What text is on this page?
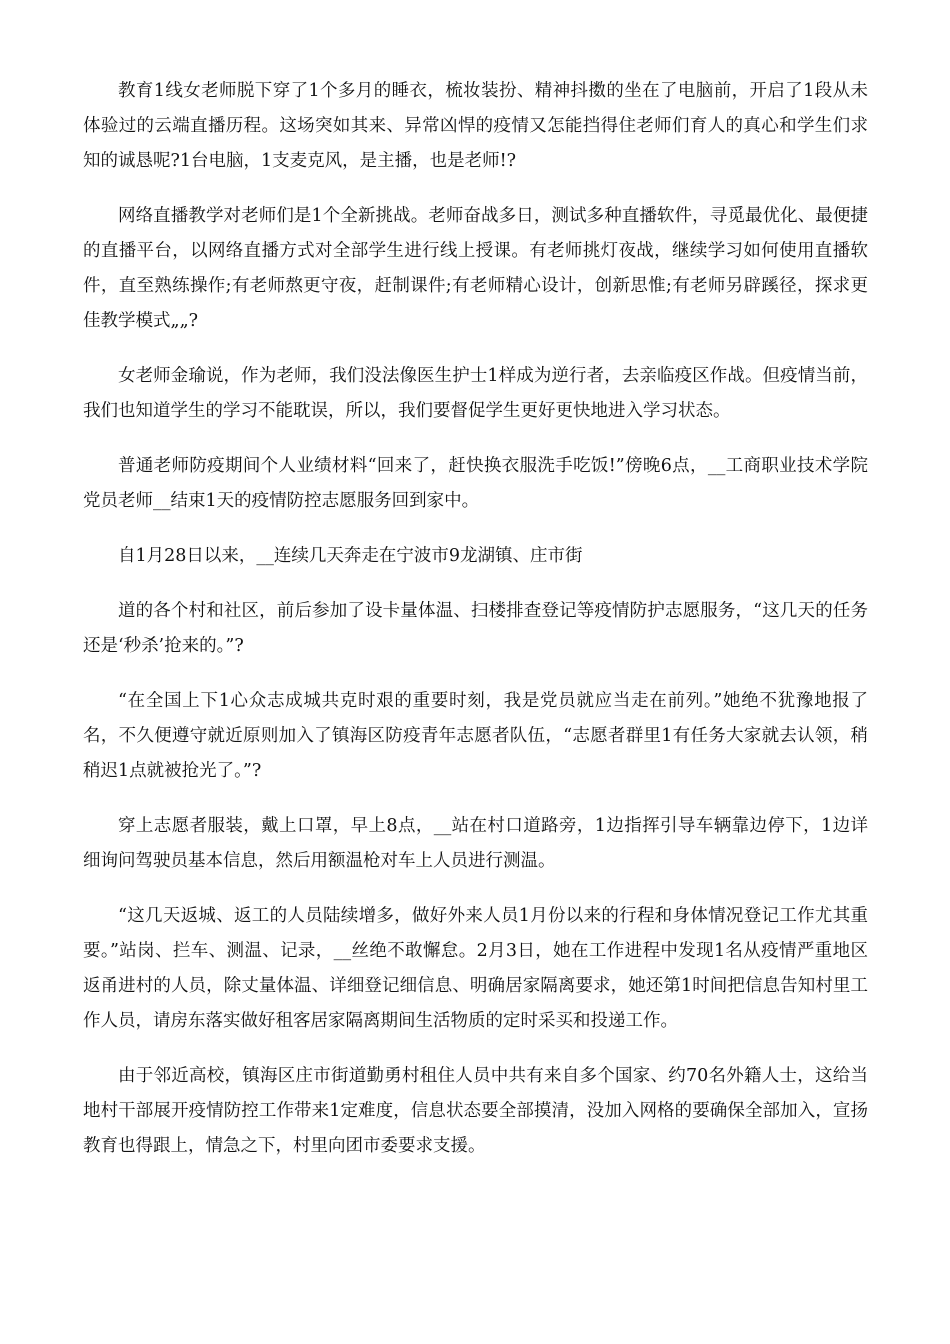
教育1线女老师脱下穿了1个多月的睡衣，梳妆装扮、精神抖擞的坐在了电脑前，开启了1段从未体验过的云端直播历程。这场突如其来、异常凶悍的疫情又怎能挡得住老师们育人的真心和学生们求知的诚恳呢?1台电脑，1支麦克风，是主播，也是老师!?

网络直播教学对老师们是1个全新挑战。老师奋战多日，测试多种直播软件，寻觅最优化、最便捷的直播平台，以网络直播方式对全部学生进行线上授课。有老师挑灯夜战，继续学习如何使用直播软件，直至熟练操作;有老师熬更守夜，赶制课件;有老师精心设计，创新思惟;有老师另辟蹊径，探求更佳教学模式„„?

女老师金瑜说，作为老师，我们没法像医生护士1样成为逆行者，去亲临疫区作战。但疫情当前，我们也知道学生的学习不能耽误，所以，我们要督促学生更好更快地进入学习状态。

普通老师防疫期间个人业绩材料“回来了，赶快换衣服洗手吃饭!”傍晚6点，__工商职业技术学院党员老师__结束1天的疫情防控志愿服务回到家中。

自1月28日以来，__连续几天奔走在宁波市9龙湖镇、庄市街

道的各个村和社区，前后参加了设卡量体温、扫楼排查登记等疫情防护志愿服务，“这几天的任务还是‘秒杀’抢来的。”?

“在全国上下1心众志成城共克时艰的重要时刻，我是党员就应当走在前列。”她绝不犹豫地报了名，不久便遵守就近原则加入了镇海区防疫青年志愿者队伍，“志愿者群里1有任务大家就去认领，稍稍迟1点就被抢光了。”?

穿上志愿者服装，戴上口罩，早上8点，__站在村口道路旁，1边指挥引导车辆靠边停下，1边详细询问驾驶员基本信息，然后用额温枪对车上人员进行测温。

“这几天返城、返工的人员陆续增多，做好外来人员1月份以来的行程和身体情况登记工作尤其重要。”站岗、拦车、测温、记录，__丝绝不敢懈怠。2月3日，她在工作进程中发现1名从疫情严重地区返甬进村的人员，除丈量体温、详细登记细信息、明确居家隔离要求，她还第1时间把信息告知村里工作人员，请房东落实做好租客居家隔离期间生活物质的定时采买和投递工作。

由于邻近高校，镇海区庄市街道勤勇村租住人员中共有来自多个国家、约70名外籍人士，这给当地村干部展开疫情防控工作带来1定难度，信息状态要全部摸清，没加入网格的要确保全部加入，宣扬教育也得跟上，情急之下，村里向团市委要求支援。
